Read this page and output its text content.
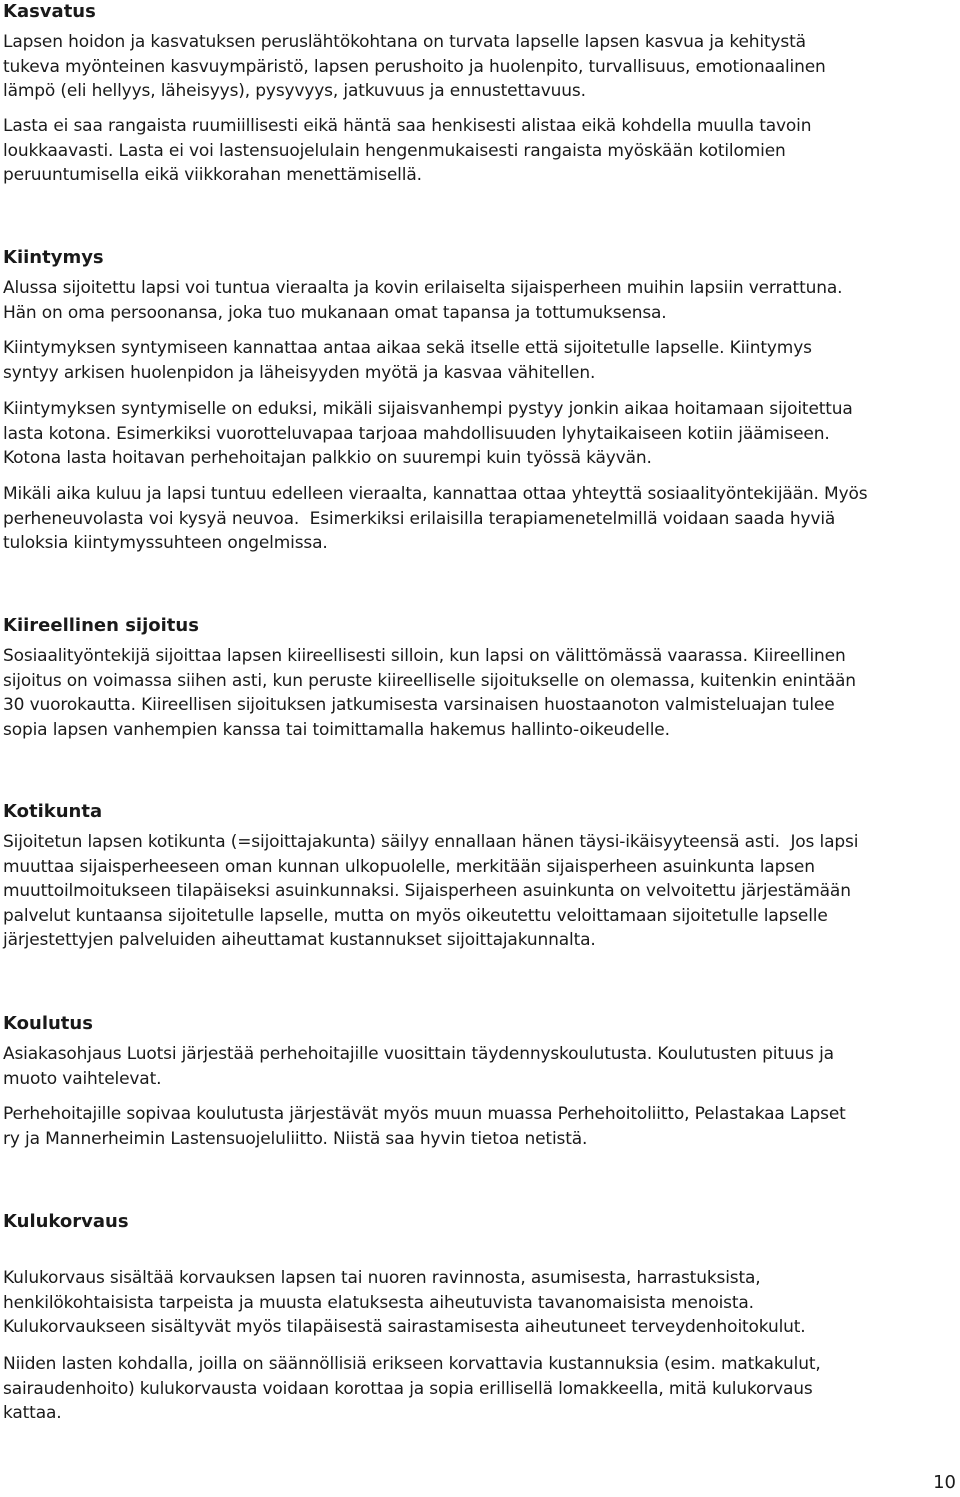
Kasvatus
Lapsen hoidon ja kasvatuksen peruslähtökohtana on turvata lapselle lapsen kasvua ja kehitystä
tukeva myönteinen kasvuympäristö, lapsen perushoito ja huolenpito, turvallisuus, emotionaalinen
lämpö (eli hellyys, läheisyys), pysyvyys, jatkuvuus ja ennustettavuus.
Lasta ei saa rangaista ruumiillisesti eikä häntä saa henkisesti alistaa eikä kohdella muulla tavoin
loukkaavasti. Lasta ei voi lastensuojelulain hengenmukaisesti rangaista myöskään kotilomien
peruuntumisella eikä viikkorahan menettämisellä.
Kiintymys
Alussa sijoitettu lapsi voi tuntua vieraalta ja kovin erilaiselta sijaisperheen muihin lapsiin verrattuna.
Hän on oma persoonansa, joka tuo mukanaan omat tapansa ja tottumuksensa.
Kiintymyksen syntymiseen kannattaa antaa aikaa sekä itselle että sijoitetulle lapselle. Kiintymys
syntyy arkisen huolenpidon ja läheisyyden myötä ja kasvaa vähitellen.
Kiintymyksen syntymiselle on eduksi, mikäli sijaisvanhempi pystyy jonkin aikaa hoitamaan sijoitettua
lasta kotona. Esimerkiksi vuorotteluvapaa tarjoaa mahdollisuuden lyhytaikaiseen kotiin jäämiseen.
Kotona lasta hoitavan perhehoitajan palkkio on suurempi kuin työssä käyvän.
Mikäli aika kuluu ja lapsi tuntuu edelleen vieraalta, kannattaa ottaa yhteyttä sosiaalityöntekijään. Myös
perheneuvolasta voi kysyä neuvoa.  Esimerkiksi erilaisilla terapiamenetelmillä voidaan saada hyviä
tuloksia kiintymyssuhteen ongelmissa.
Kiireellinen sijoitus
Sosiaalityöntekijä sijoittaa lapsen kiireellisesti silloin, kun lapsi on välittömässä vaarassa. Kiireellinen
sijoitus on voimassa siihen asti, kun peruste kiireelliselle sijoitukselle on olemassa, kuitenkin enintään
30 vuorokautta. Kiireellisen sijoituksen jatkumisesta varsinaisen huostaanoton valmisteluajan tulee
sopia lapsen vanhempien kanssa tai toimittamalla hakemus hallinto-oikeudelle.
Kotikunta
Sijoitetun lapsen kotikunta (=sijoittajakunta) säilyy ennallaan hänen täysi-ikäisyyteensä asti.  Jos lapsi
muuttaa sijaisperheeseen oman kunnan ulkopuolelle, merkitään sijaisperheen asuinkunta lapsen
muuttoilmoitukseen tilapäiseksi asuinkunnaksi. Sijaisperheen asuinkunta on velvoitettu järjestämään
palvelut kuntaansa sijoitetulle lapselle, mutta on myös oikeutettu veloittamaan sijoitetulle lapselle
järjestettyjen palveluiden aiheuttamat kustannukset sijoittajakunnalta.
Koulutus
Asiakasohjaus Luotsi järjestää perhehoitajille vuosittain täydennyskoulutusta. Koulutusten pituus ja
muoto vaihtelevat.
Perhehoitajille sopivaa koulutusta järjestävät myös muun muassa Perhehoitoliitto, Pelastakaa Lapset
ry ja Mannerheimin Lastensuojeluliitto. Niistä saa hyvin tietoa netistä.
Kulukorvaus
Kulukorvaus sisältää korvauksen lapsen tai nuoren ravinnosta, asumisesta, harrastuksista,
henkilökohtaisista tarpeista ja muusta elatuksesta aiheutuvista tavanomaisista menoista.
Kulukorvaukseen sisältyvät myös tilapäisestä sairastamisesta aiheutuneet terveydenhoitokulut.
Niiden lasten kohdalla, joilla on säännöllisiä erikseen korvattavia kustannuksia (esim. matkakulut,
sairaudenhoito) kulukorvausta voidaan korottaa ja sopia erillisellä lomakkeella, mitä kulukorvaus
kattaa.
10
